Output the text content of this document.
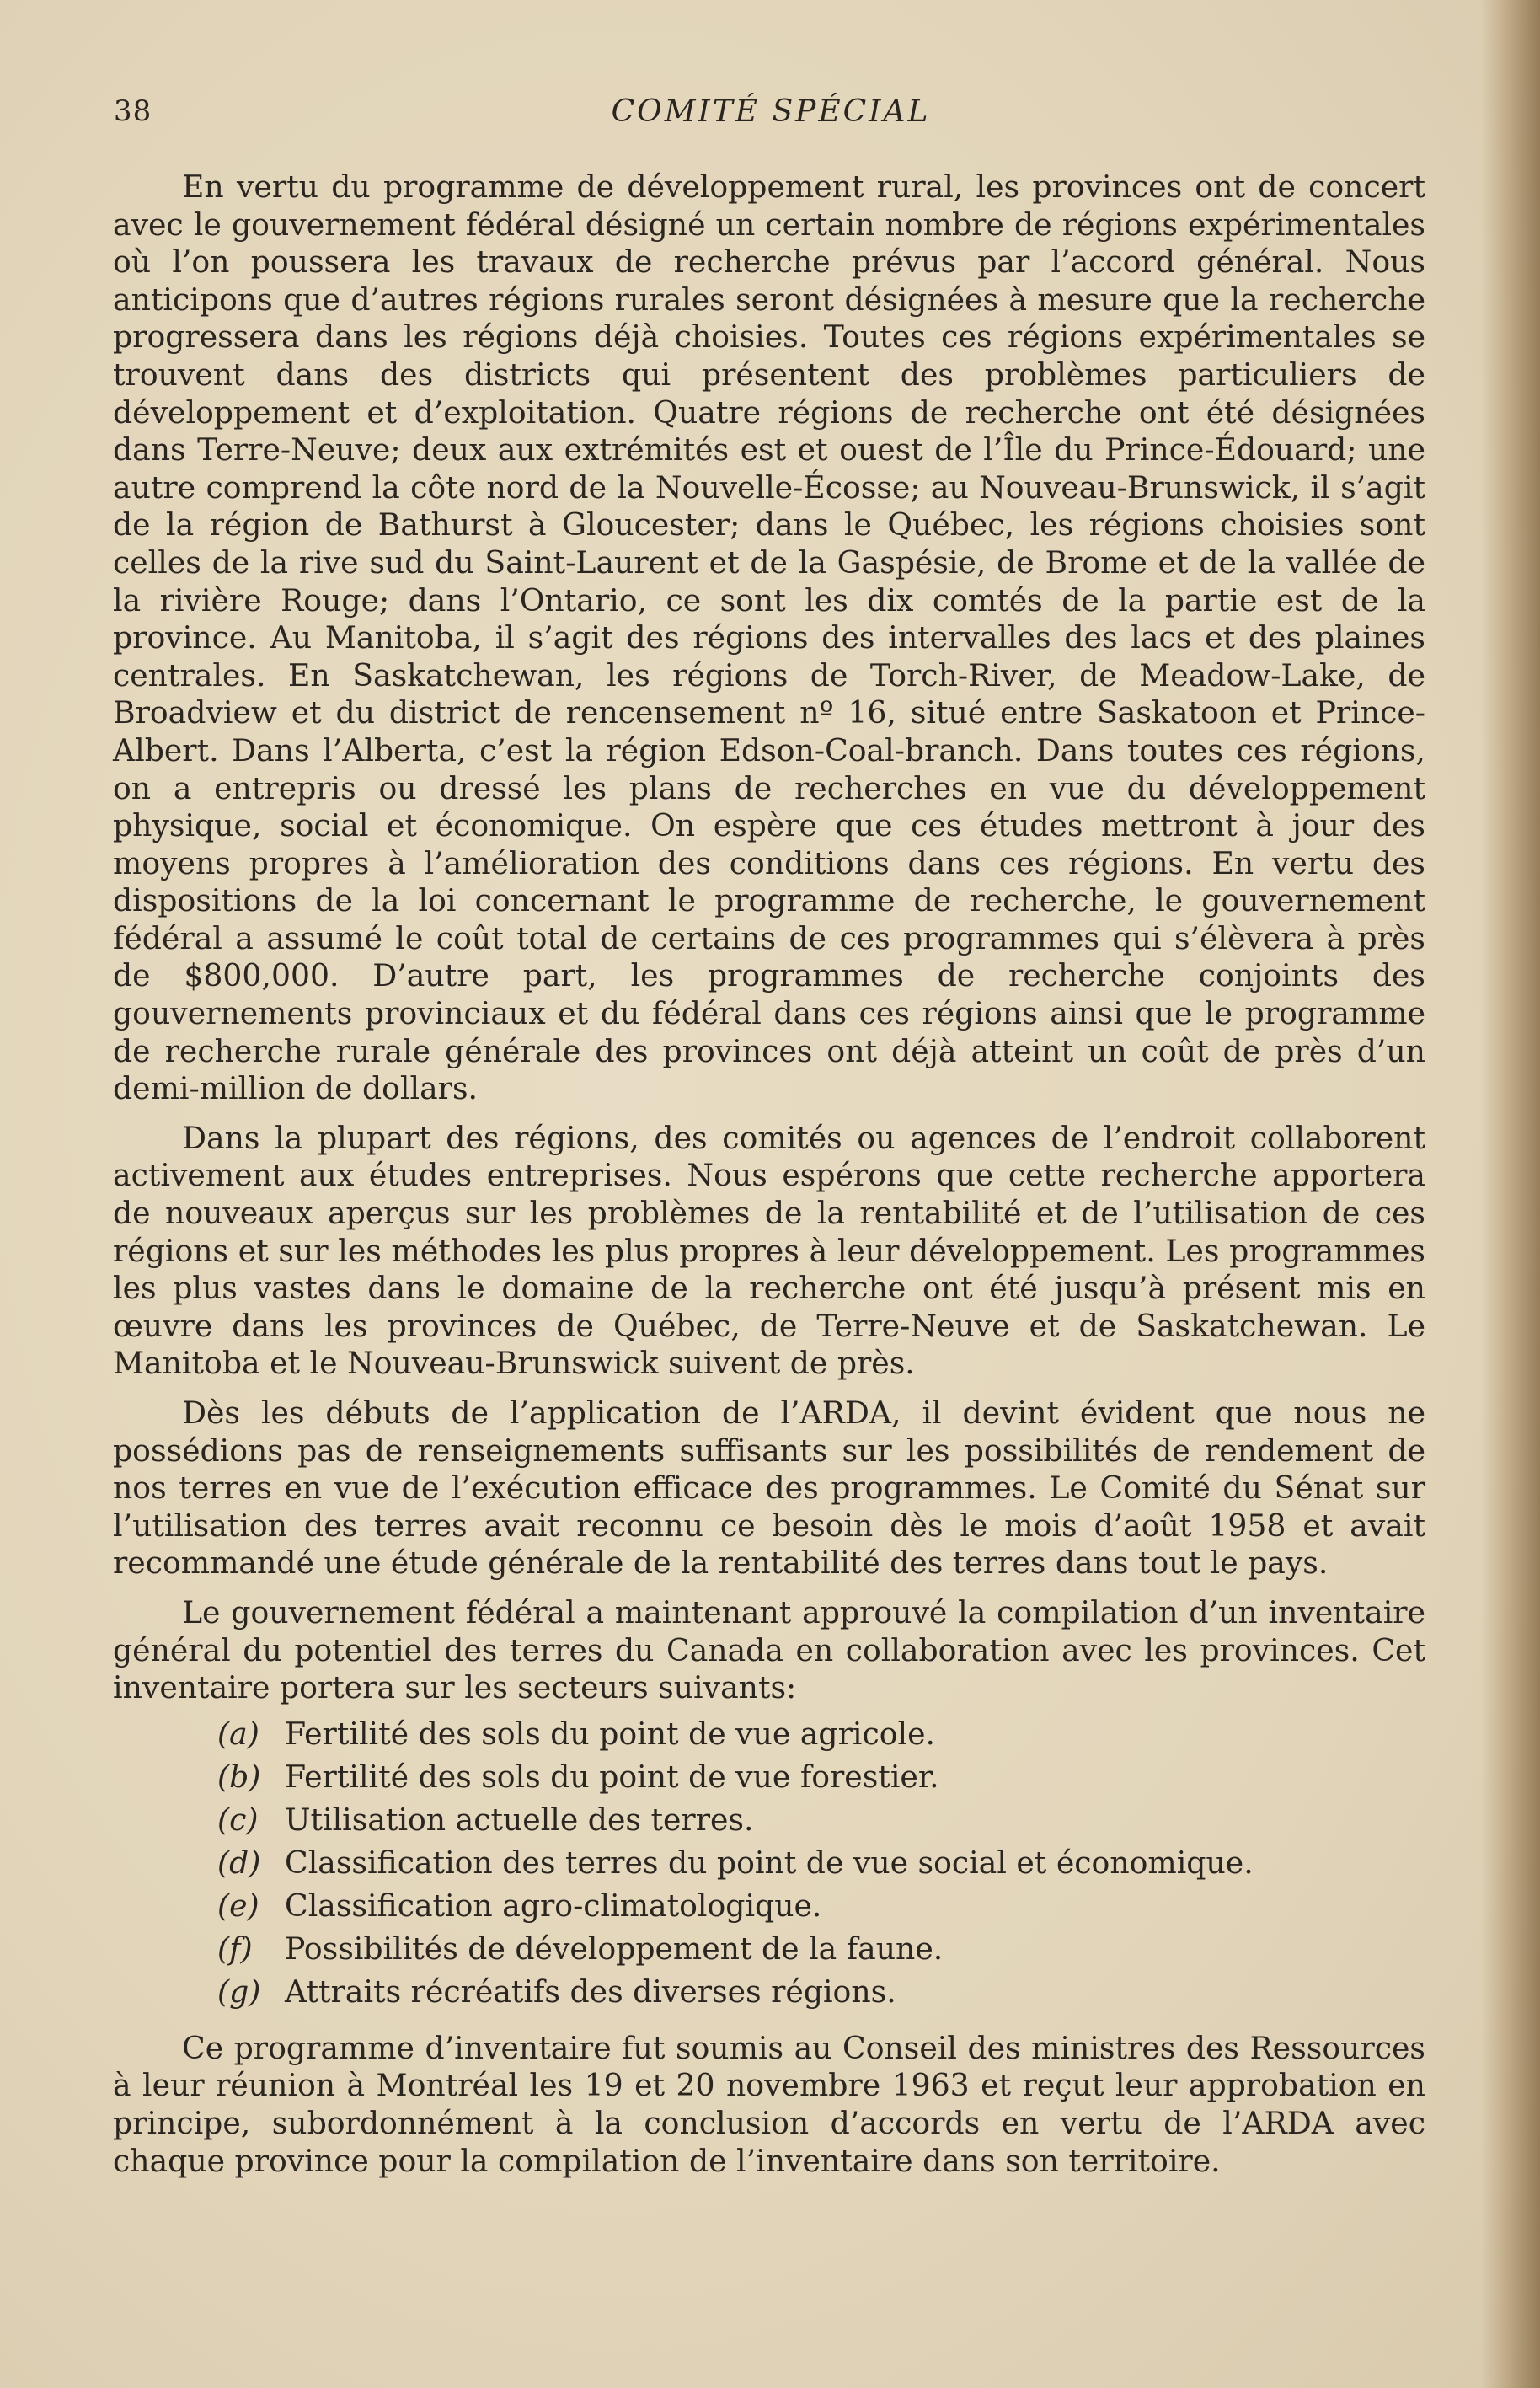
38	COMITÉ SPÉCIAL

En vertu du programme de développement rural, les provinces ont de concert avec le gouvernement fédéral désigné un certain nombre de régions expérimentales où l’on poussera les travaux de recherche prévus par l’accord général. Nous anticipons que d’autres régions rurales seront désignées à mesure que la recherche progressera dans les régions déjà choisies. Toutes ces régions expérimentales se trouvent dans des districts qui présentent des problèmes particuliers de développement et d’exploitation. Quatre régions de recherche ont été désignées dans Terre-Neuve; deux aux extrémités est et ouest de l’Île du Prince-Édouard; une autre comprend la côte nord de la Nouvelle-Écosse; au Nouveau-Brunswick, il s’agit de la région de Bathurst à Gloucester; dans le Québec, les régions choisies sont celles de la rive sud du Saint-Laurent et de la Gaspésie, de Brome et de la vallée de la rivière Rouge; dans l’Ontario, ce sont les dix comtés de la partie est de la province. Au Manitoba, il s’agit des régions des intervalles des lacs et des plaines centrales. En Saskatchewan, les régions de Torch-River, de Meadow-Lake, de Broadview et du district de rencensement nº 16, situé entre Saskatoon et Prince-Albert. Dans l’Alberta, c’est la région Edson-Coal-branch. Dans toutes ces régions, on a entrepris ou dressé les plans de recherches en vue du développement physique, social et économique. On espère que ces études mettront à jour des moyens propres à l’amélioration des conditions dans ces régions. En vertu des dispositions de la loi concernant le programme de recherche, le gouvernement fédéral a assumé le coût total de certains de ces programmes qui s’élèvera à près de $800,000. D’autre part, les programmes de recherche conjoints des gouvernements provinciaux et du fédéral dans ces régions ainsi que le programme de recherche rurale générale des provinces ont déjà atteint un coût de près d’un demi-million de dollars.

Dans la plupart des régions, des comités ou agences de l’endroit collaborent activement aux études entreprises. Nous espérons que cette recherche apportera de nouveaux aperçus sur les problèmes de la rentabilité et de l’utilisation de ces régions et sur les méthodes les plus propres à leur développement. Les programmes les plus vastes dans le domaine de la recherche ont été jusqu’à présent mis en œuvre dans les provinces de Québec, de Terre-Neuve et de Saskatchewan. Le Manitoba et le Nouveau-Brunswick suivent de près.

Dès les débuts de l’application de l’ARDA, il devint évident que nous ne possédions pas de renseignements suffisants sur les possibilités de rendement de nos terres en vue de l’exécution efficace des programmes. Le Comité du Sénat sur l’utilisation des terres avait reconnu ce besoin dès le mois d’août 1958 et avait recommandé une étude générale de la rentabilité des terres dans tout le pays.

Le gouvernement fédéral a maintenant approuvé la compilation d’un inventaire général du potentiel des terres du Canada en collaboration avec les provinces. Cet inventaire portera sur les secteurs suivants:

(a) Fertilité des sols du point de vue agricole.
(b) Fertilité des sols du point de vue forestier.
(c) Utilisation actuelle des terres.
(d) Classification des terres du point de vue social et économique.
(e) Classification agro-climatologique.
(f) Possibilités de développement de la faune.
(g) Attraits récréatifs des diverses régions.

Ce programme d’inventaire fut soumis au Conseil des ministres des Ressources à leur réunion à Montréal les 19 et 20 novembre 1963 et reçut leur approbation en principe, subordonnément à la conclusion d’accords en vertu de l’ARDA avec chaque province pour la compilation de l’inventaire dans son territoire.
